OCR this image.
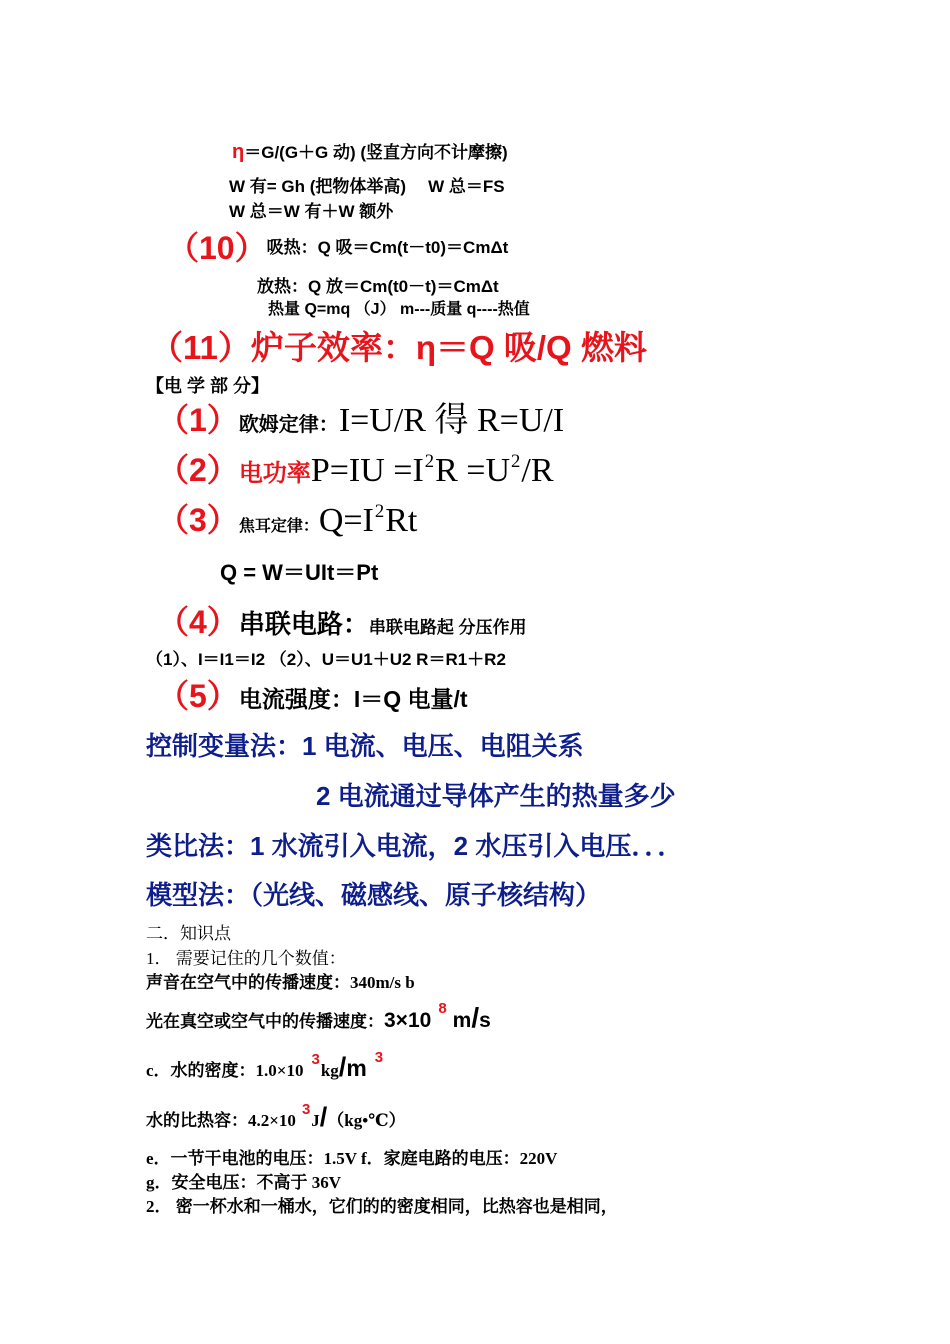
η＝G/(G＋G 动) (竖直方向不计摩擦)
W 有= Gh (把物体举高) W 总＝FS
W 总＝W 有＋W 额外
（10）吸热：Q 吸＝Cm(t－t0)＝CmΔt
放热：Q 放＝Cm(t0－t)＝CmΔt
热量 Q=mq （J） m---质量 q----热值
（11）炉子效率：η＝Q 吸/Q 燃料
【电 学 部 分】
（1）欧姆定律：I=U/R 得 R=U/I
（2）电功率$P=IU =I^2R =U^2/R$
（3）焦耳定律：$Q=I^2Rt$
Q = W＝UIt＝Pt
（4）串联电路：串联电路起 分压作用
（1）、I＝I1＝I2 （2）、U＝U1＋U2 R＝R1＋R2
（5）电流强度：I＝Q 电量/t
控制变量法：1 电流、电压、电阻关系
2 电流通过导体产生的热量多少
类比法：1 水流引入电流，2 水压引入电压．．．
模型法：（光线、磁感线、原子核结构）
二．知识点
1． 需要记住的几个数值：
声音在空气中的传播速度：340m/s b
光在真空或空气中的传播速度：3×108m/s
c．水的密度：1.0×103kg/m 3
水的比热容：4.2×103J/（kg•℃）
e．一节干电池的电压：1.5V f．家庭电路的电压：220V
g．安全电压：不高于 36V
2． 密一杯水和一桶水，它们的的密度相同，比热容也是相同，
